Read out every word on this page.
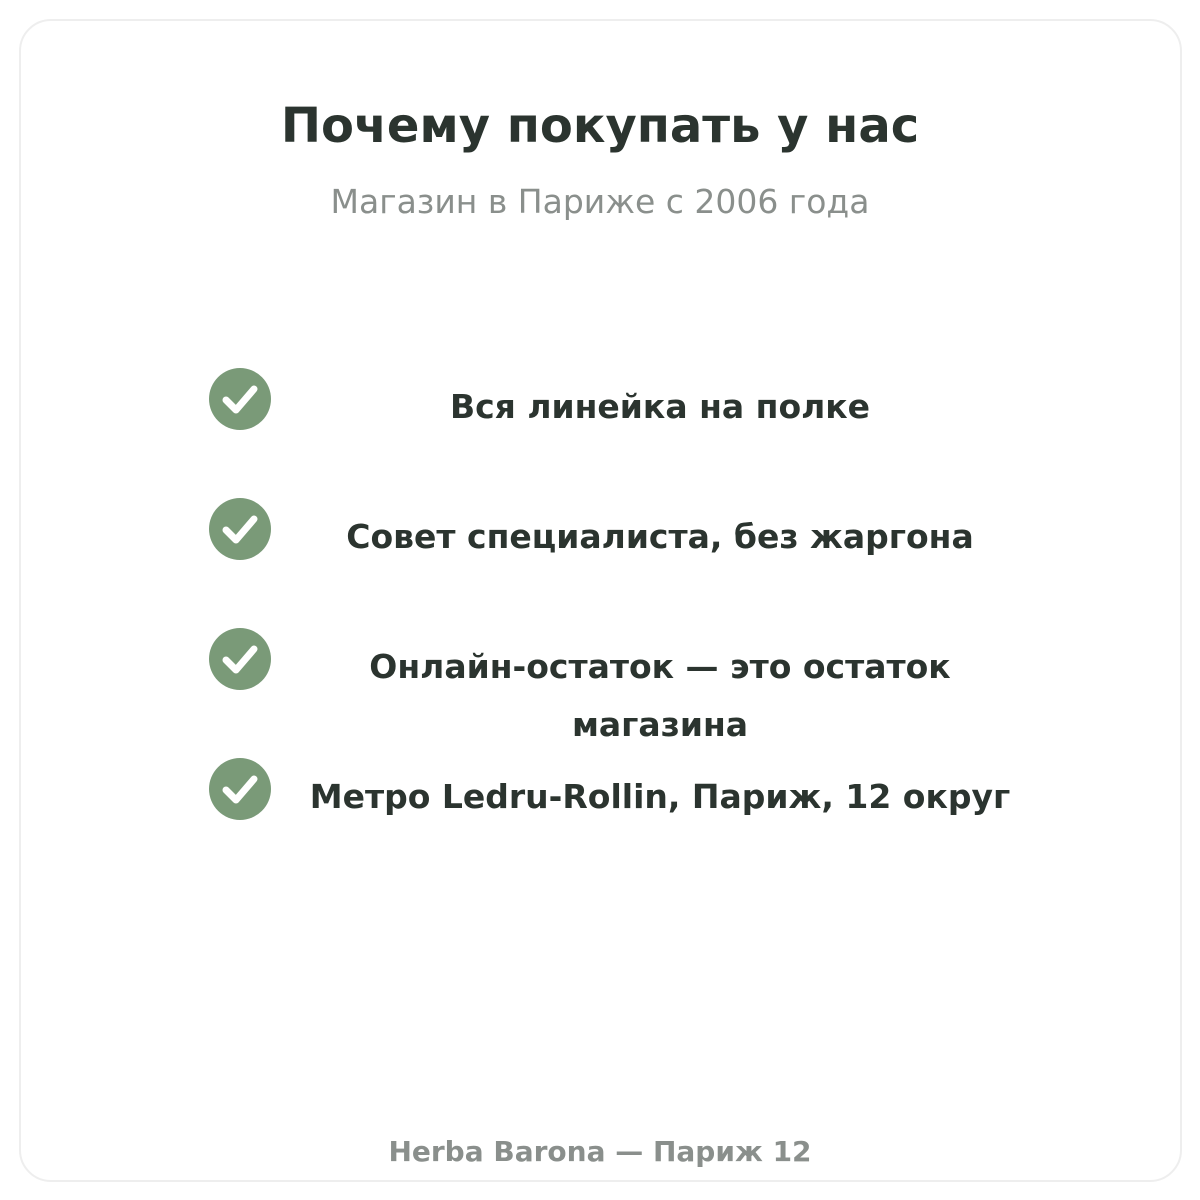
Почему покупать у нас

Магазин в Париже с 2006 года

Вся линейка на полке
Совет специалиста, без жаргона
Онлайн-остаток — это остаток магазина
Метро Ledru-Rollin, Париж, 12 округ

Herba Barona — Париж 12
